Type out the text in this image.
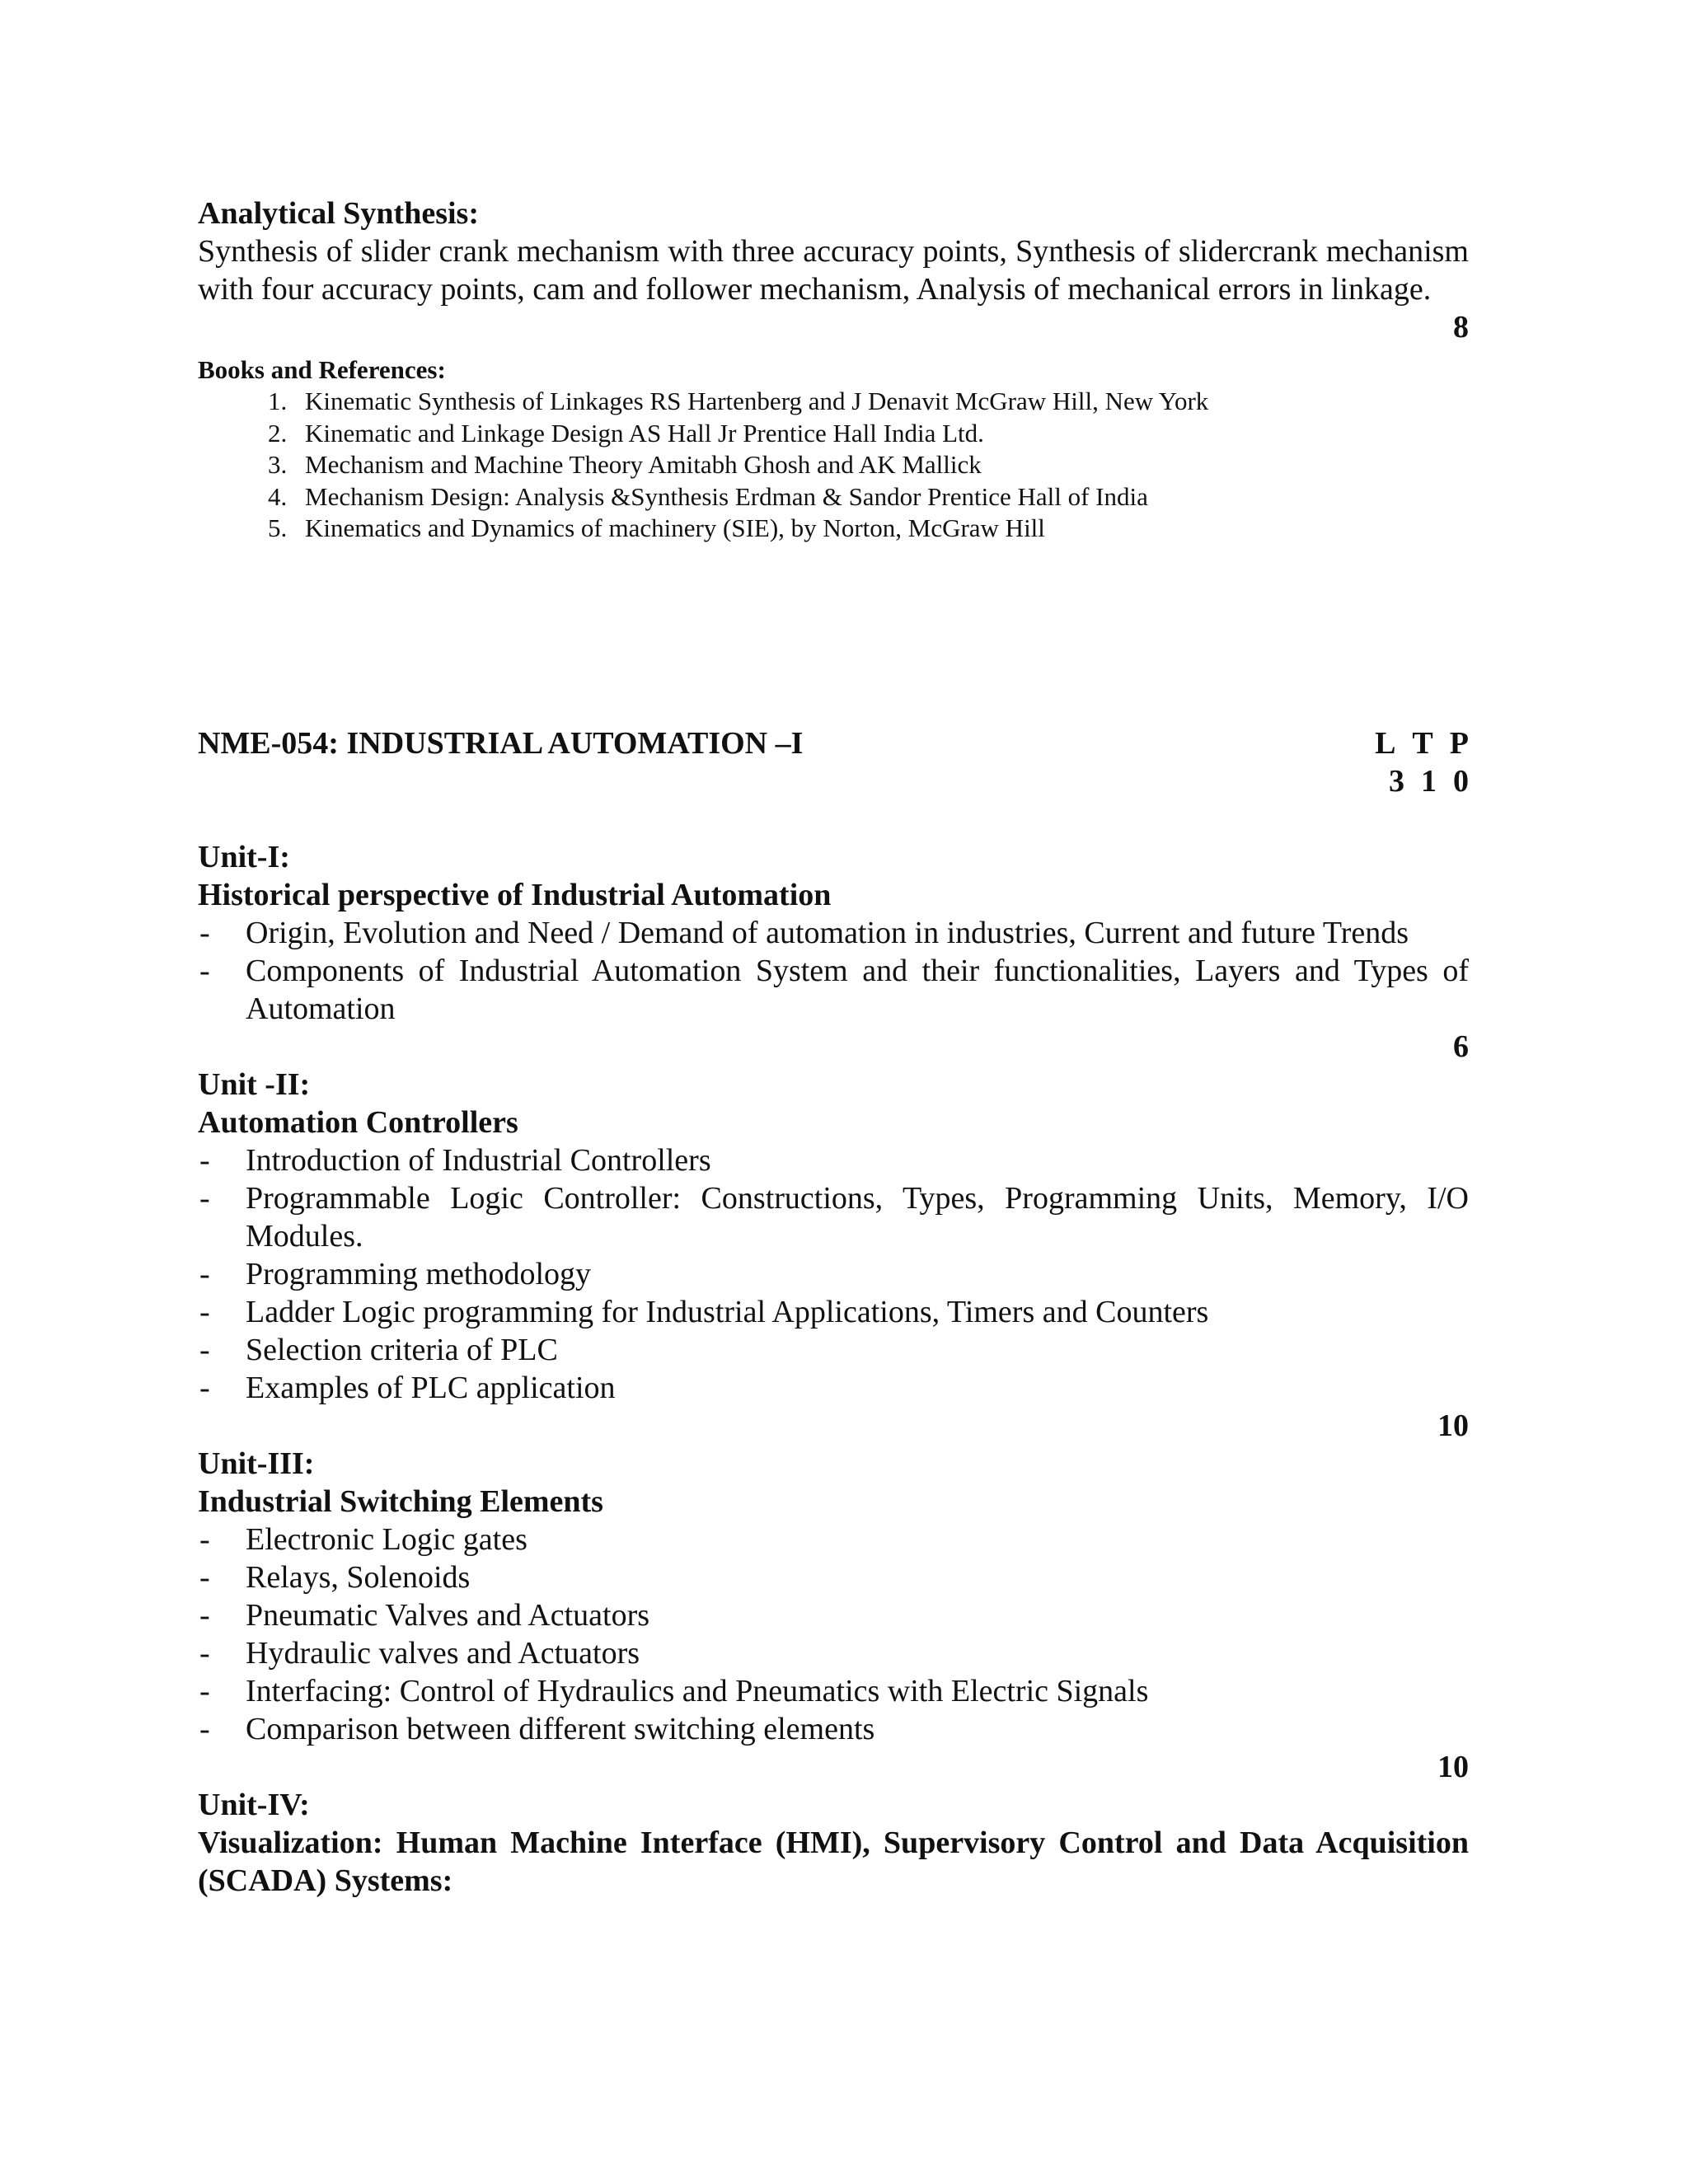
Analytical Synthesis:

Synthesis of slider crank mechanism with three accuracy points, Synthesis of slidercrank mechanism with four accuracy points, cam and follower mechanism, Analysis of mechanical errors in linkage.

8

Books and References:

1. Kinematic Synthesis of Linkages RS Hartenberg and J Denavit McGraw Hill, New York
2. Kinematic and Linkage Design AS Hall Jr Prentice Hall India Ltd.
3. Mechanism and Machine Theory Amitabh Ghosh and AK Mallick
4. Mechanism Design: Analysis &Synthesis Erdman & Sandor Prentice Hall of India
5. Kinematics and Dynamics of machinery (SIE), by Norton, McGraw Hill
NME-054: INDUSTRIAL AUTOMATION –I	L T P
3 1 0

Unit-I:

Historical perspective of Industrial Automation

- Origin, Evolution and Need / Demand of automation in industries, Current and future Trends
- Components of Industrial Automation System and their functionalities, Layers and Types of Automation

6

Unit -II:

Automation Controllers

- Introduction of Industrial Controllers
- Programmable Logic Controller: Constructions, Types, Programming Units, Memory, I/O Modules.
- Programming methodology
- Ladder Logic programming for Industrial Applications, Timers and Counters
- Selection criteria of PLC
- Examples of PLC application

10

Unit-III:

Industrial Switching Elements

- Electronic Logic gates
- Relays, Solenoids
- Pneumatic Valves and Actuators
- Hydraulic valves and Actuators
- Interfacing: Control of Hydraulics and Pneumatics with Electric Signals
- Comparison between different switching elements

10

Unit-IV:

Visualization: Human Machine Interface (HMI), Supervisory Control and Data Acquisition (SCADA) Systems:
